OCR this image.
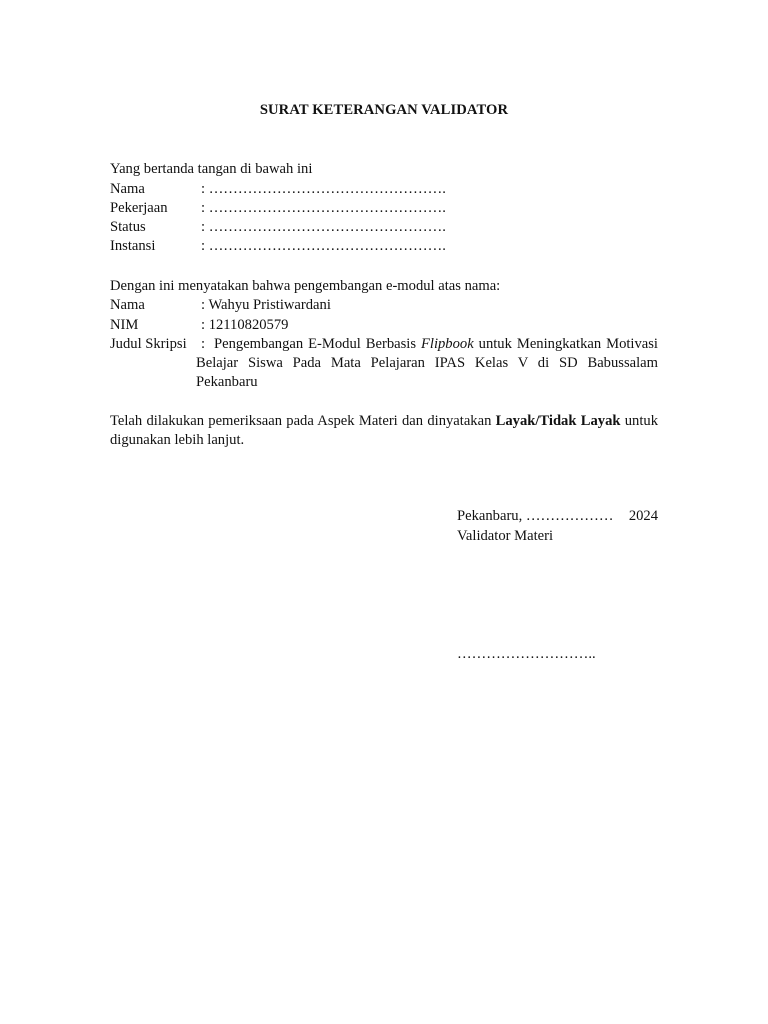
SURAT KETERANGAN VALIDATOR
Yang bertanda tangan di bawah ini
Nama	: ………………………………………….
Pekerjaan : ………………………………………….
Status	: ………………………………………….
Instansi	: ………………………………………….
Dengan ini menyatakan bahwa pengembangan e-modul atas nama:
Nama	: Wahyu Pristiwardani
NIM	: 12110820579
Judul Skripsi : Pengembangan E-Modul Berbasis Flipbook untuk Meningkatkan Motivasi Belajar Siswa Pada Mata Pelajaran IPAS Kelas V di SD Babussalam Pekanbaru
Telah dilakukan pemeriksaan pada Aspek Materi dan dinyatakan Layak/Tidak Layak untuk digunakan lebih lanjut.
Pekanbaru, ……………… 2024
Validator Materi
………………………..
